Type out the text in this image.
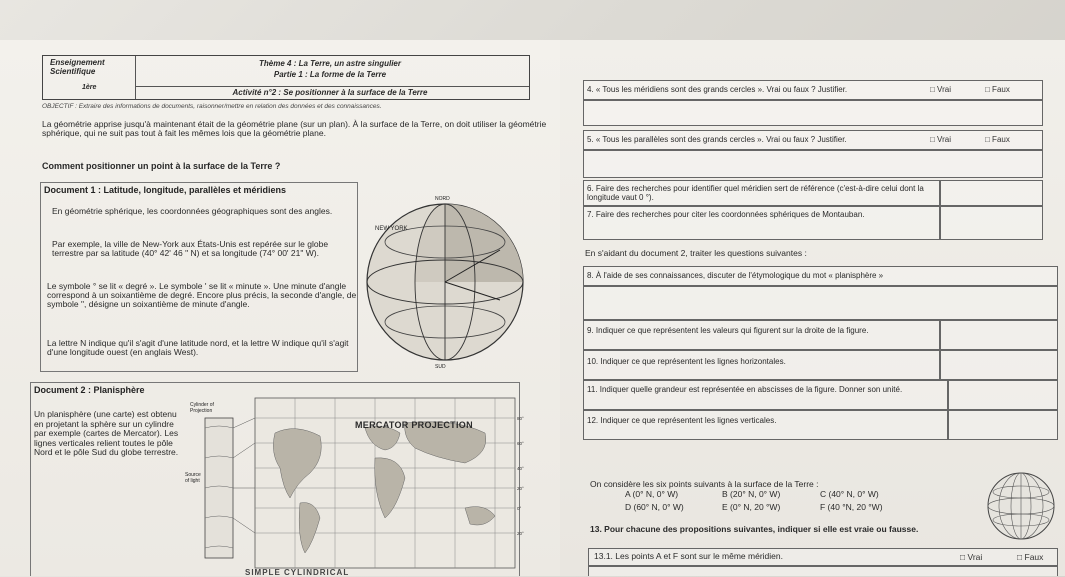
Enseignement
Scientifique
1ère
Thème 4 : La Terre, un astre singulier
Partie 1 : La forme de la Terre
Activité n°2 : Se positionner à la surface de la Terre
OBJECTIF : Extraire des informations de documents, raisonner/mettre en relation des données et des connaissances.
La géométrie apprise jusqu'à maintenant était de la géométrie plane (sur un plan). À la surface de la Terre, on doit utiliser la géométrie sphérique, qui ne suit pas tout à fait les mêmes lois que la géométrie plane.
Comment positionner un point à la surface de la Terre ?
Document 1 : Latitude, longitude, parallèles et méridiens
En géométrie sphérique, les coordonnées géographiques sont des angles.
Par exemple, la ville de New-York aux États-Unis est repérée sur le globe terrestre par sa latitude (40° 42' 46 " N) et sa longitude (74° 00' 21" W).
Le symbole ° se lit « degré ». Le symbole ' se lit « minute ». Une minute d'angle correspond à un soixantième de degré. Encore plus précis, la seconde d'angle, de symbole ", désigne un soixantième de minute d'angle.
La lettre N indique qu'il s'agit d'une latitude nord, et la lettre W indique qu'il s'agit d'une longitude ouest (en anglais West).
NEW YORK
NORD
SUD
Document 2 : Planisphère
Un planisphère (une carte) est obtenu en projetant la sphère sur un cylindre par exemple (cartes de Mercator). Les lignes verticales relient toutes le pôle Nord et le pôle Sud du globe terrestre.
Cylinder of
Projection
Source
of light
80°
60°
40°
20°
0°
20°
MERCATOR PROJECTION
SIMPLE CYLINDRICAL
4. « Tous les méridiens sont des grands cercles ». Vrai ou faux ? Justifier.	□ Vrai	□ Faux
5. « Tous les parallèles sont des grands cercles ». Vrai ou faux ? Justifier.	□ Vrai	□ Faux
6. Faire des recherches pour identifier quel méridien sert de référence (c'est-à-dire celui dont la longitude vaut 0 °).
7. Faire des recherches pour citer les coordonnées sphériques de Montauban.
En s'aidant du document 2, traiter les questions suivantes :
8. À l'aide de ses connaissances, discuter de l'étymologique du mot « planisphère »
9. Indiquer ce que représentent les valeurs qui figurent sur la droite de la figure.
10. Indiquer ce que représentent les lignes horizontales.
11. Indiquer quelle grandeur est représentée en abscisses de la figure. Donner son unité.
12. Indiquer ce que représentent les lignes verticales.
On considère les six points suivants à la surface de la Terre :
A (0° N, 0° W)	B (20° N, 0° W)	C (40° N, 0° W)
D (60° N, 0° W)	E (0° N, 20 °W)	F (40 °N, 20 °W)
13. Pour chacune des propositions suivantes, indiquer si elle est vraie ou fausse.
13.1. Les points A et F sont sur le même méridien.	□ Vrai	□ Faux
